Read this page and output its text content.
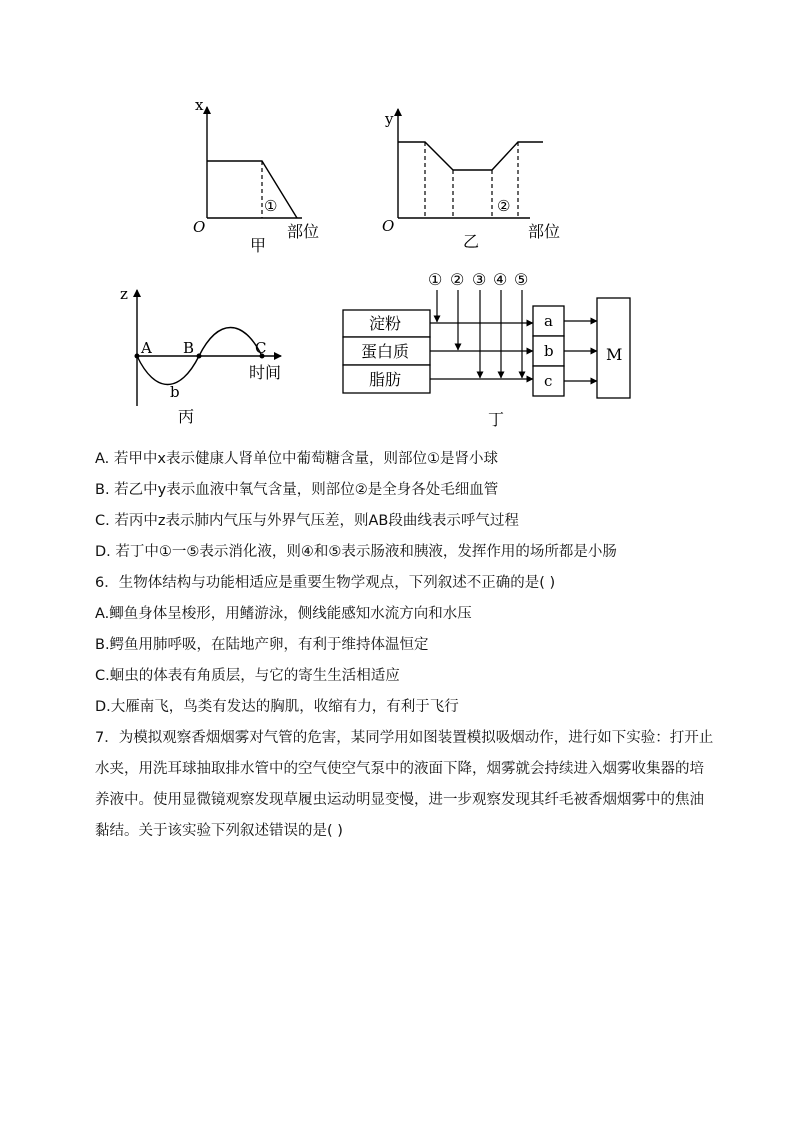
x
O
①
部位
甲
y
O
②
部位
乙
z
A B	C
b
时间
丙
① ② ③ ④ ⑤
淀粉
蛋白质
脂肪
a
b
c
M
丁
A. 若甲中x表示健康人肾单位中葡萄糖含量，则部位①是肾小球
B. 若乙中y表示血液中氧气含量，则部位②是全身各处毛细血管
C. 若丙中z表示肺内气压与外界气压差，则AB段曲线表示呼气过程
D. 若丁中①一⑤表示消化液，则④和⑤表示肠液和胰液，发挥作用的场所都是小肠
6．生物体结构与功能相适应是重要生物学观点，下列叙述不正确的是( )
A.鲫鱼身体呈梭形，用鳍游泳，侧线能感知水流方向和水压
B.鳄鱼用肺呼吸，在陆地产卵，有利于维持体温恒定
C.蛔虫的体表有角质层，与它的寄生生活相适应
D.大雁南飞，鸟类有发达的胸肌，收缩有力，有利于飞行
7．为模拟观察香烟烟雾对气管的危害，某同学用如图装置模拟吸烟动作，进行如下实验：打开止水夹，用洗耳球抽取排水管中的空气使空气泵中的液面下降，烟雾就会持续进入烟雾收集器的培养液中。使用显微镜观察发现草履虫运动明显变慢，进一步观察发现其纤毛被香烟烟雾中的焦油黏结。关于该实验下列叙述错误的是( )
